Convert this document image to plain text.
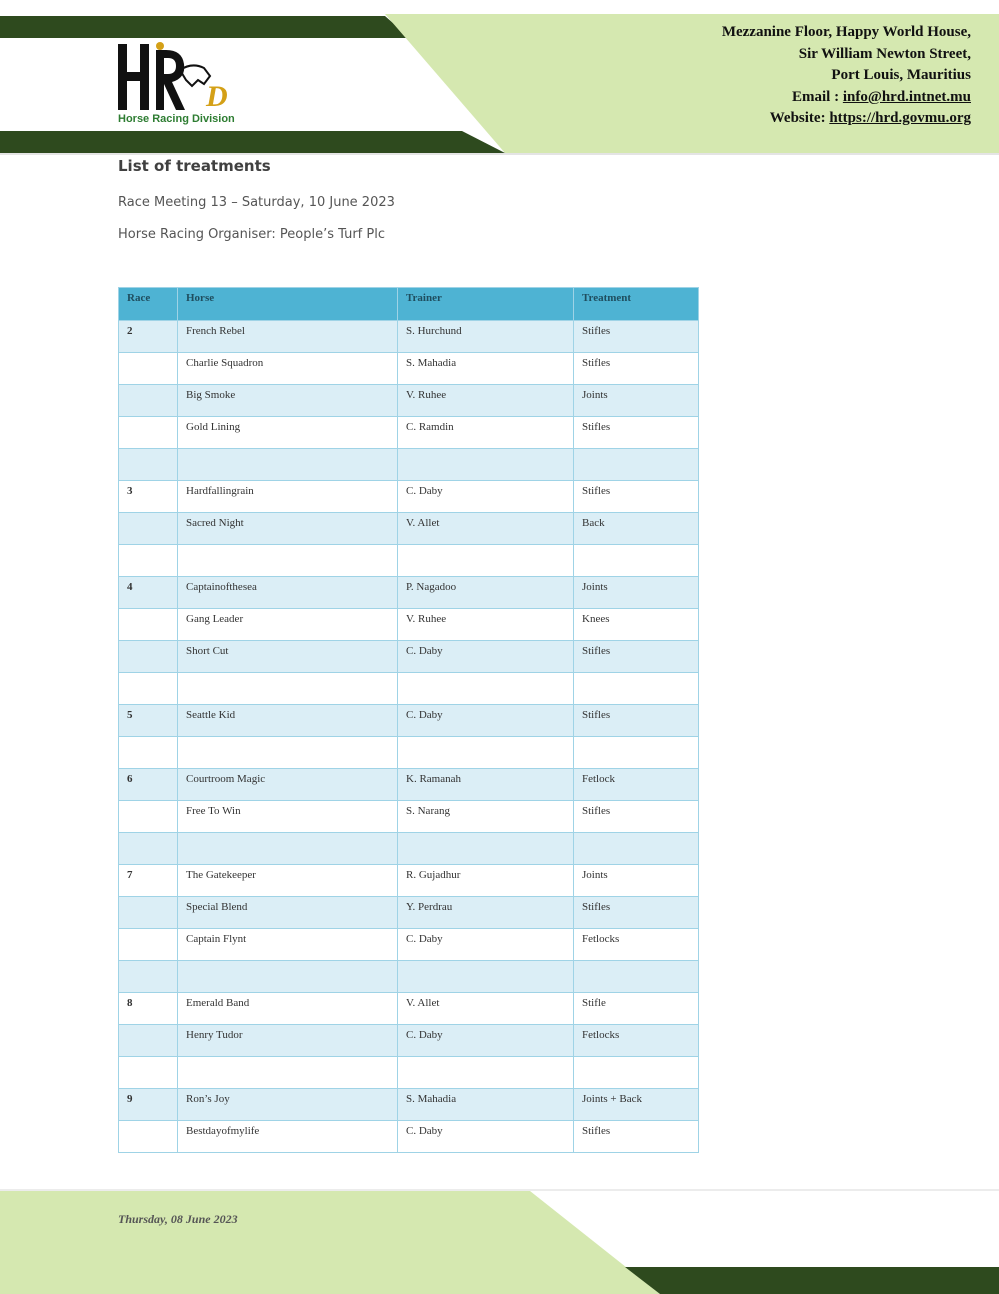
D
Horse Racing Division
Mezzanine Floor, Happy World House,
Sir William Newton Street,
Port Louis, Mauritius
Email : info@hrd.intnet.mu
Website: https://hrd.govmu.org
List of treatments
Race Meeting 13 – Saturday, 10 June 2023
Horse Racing Organiser: People’s Turf Plc
Race	Horse	Trainer	Treatment
2	French Rebel	S. Hurchund	Stifles
	Charlie Squadron	S. Mahadia	Stifles
	Big Smoke	V. Ruhee	Joints
	Gold Lining	C. Ramdin	Stifles

3	Hardfallingrain	C. Daby	Stifles
	Sacred Night	V. Allet	Back

4	Captainofthesea	P. Nagadoo	Joints
	Gang Leader	V. Ruhee	Knees
	Short Cut	C. Daby	Stifles

5	Seattle Kid	C. Daby	Stifles

6	Courtroom Magic	K. Ramanah	Fetlock
	Free To Win	S. Narang	Stifles

7	The Gatekeeper	R. Gujadhur	Joints
	Special Blend	Y. Perdrau	Stifles
	Captain Flynt	C. Daby	Fetlocks

8	Emerald Band	V. Allet	Stifle
	Henry Tudor	C. Daby	Fetlocks

9	Ron’s Joy	S. Mahadia	Joints + Back
	Bestdayofmylife	C. Daby	Stifles
Thursday, 08 June 2023
